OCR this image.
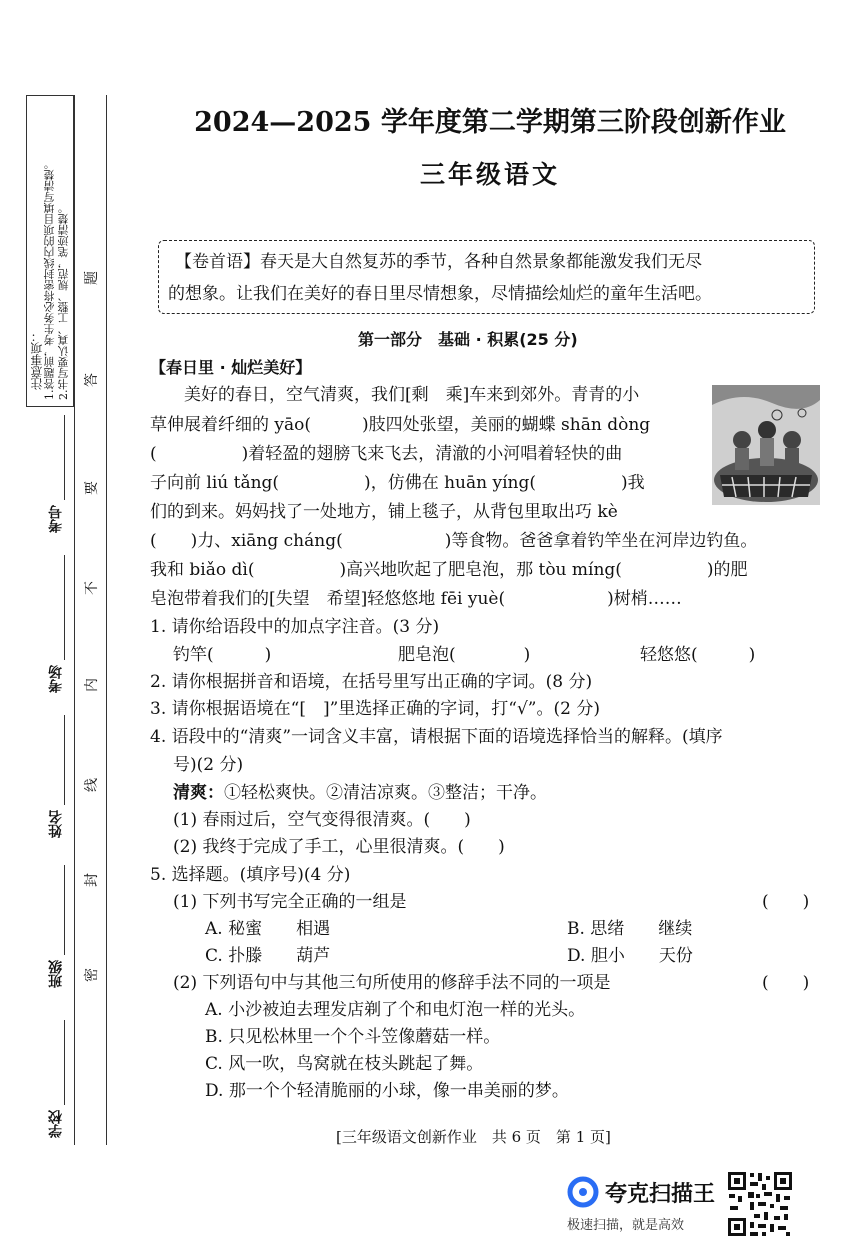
注意事项： 1.答题前，考生务必将密封线内的项目填写清楚。 2.书写要认真、工整、规范，笔迹清楚。
学校
班级
姓名
考场
考号
密
封
线
内
不
要
答
题
2024—2025 学年度第二学期第三阶段创新作业
三年级语文
【卷首语】春天是大自然复苏的季节，各种自然景象都能激发我们无尽
的想象。让我们在美好的春日里尽情想象，尽情描绘灿烂的童年生活吧。
第一部分　基础 · 积累(25 分)
【春日里 · 灿烂美好】
　　美好的春日，空气清爽，我们[剩　乘]车来到郊外。青青的小
草伸展着纤细的 yāo(　　　)肢四处张望，美丽的蝴蝶 shān dòng
(　　　　　)着轻盈的翅膀飞来飞去，清澈的小河唱着轻快的曲
子向前 liú tǎng(　　　　　)，仿佛在 huān yíng(　　　　　)我
们的到来。妈妈找了一处地方，铺上毯子，从背包里取出巧 kè
(　　)力、xiāng cháng(　　　　　　)等食物。爸爸拿着钓竿坐在河岸边钓鱼。
我和 biǎo dì(　　　　　)高兴地吹起了肥皂泡，那 tòu míng(　　　　　)的肥
皂泡带着我们的[失望　希望]轻悠悠地 fēi yuè(　　　　　　)树梢……
1. 请你给语段中的加点字注音。(3 分)
钓竿(　　　)	肥皂泡(　　　　)	轻悠悠(　　　)
2. 请你根据拼音和语境，在括号里写出正确的字词。(8 分)
3. 请你根据语境在“[　]”里选择正确的字词，打“√”。(2 分)
4. 语段中的“清爽”一词含义丰富，请根据下面的语境选择恰当的解释。(填序
号)(2 分)
清爽：①轻松爽快。②清洁凉爽。③整洁；干净。
(1) 春雨过后，空气变得很清爽。(　　)
(2) 我终于完成了手工，心里很清爽。(　　)
5. 选择题。(填序号)(4 分)
(1) 下列书写完全正确的一组是	(　　)
A. 秘蜜　　相遇	B. 思绪　　继续
C. 扑滕　　葫芦	D. 胆小　　天份
(2) 下列语句中与其他三句所使用的修辞手法不同的一项是	(　　)
A. 小沙被迫去理发店剃了个和电灯泡一样的光头。
B. 只见松林里一个个斗笠像蘑菇一样。
C. 风一吹，鸟窝就在枝头跳起了舞。
D. 那一个个轻清脆丽的小球，像一串美丽的梦。
[三年级语文创新作业　共 6 页　第 1 页]
夸克扫描王
极速扫描，就是高效
